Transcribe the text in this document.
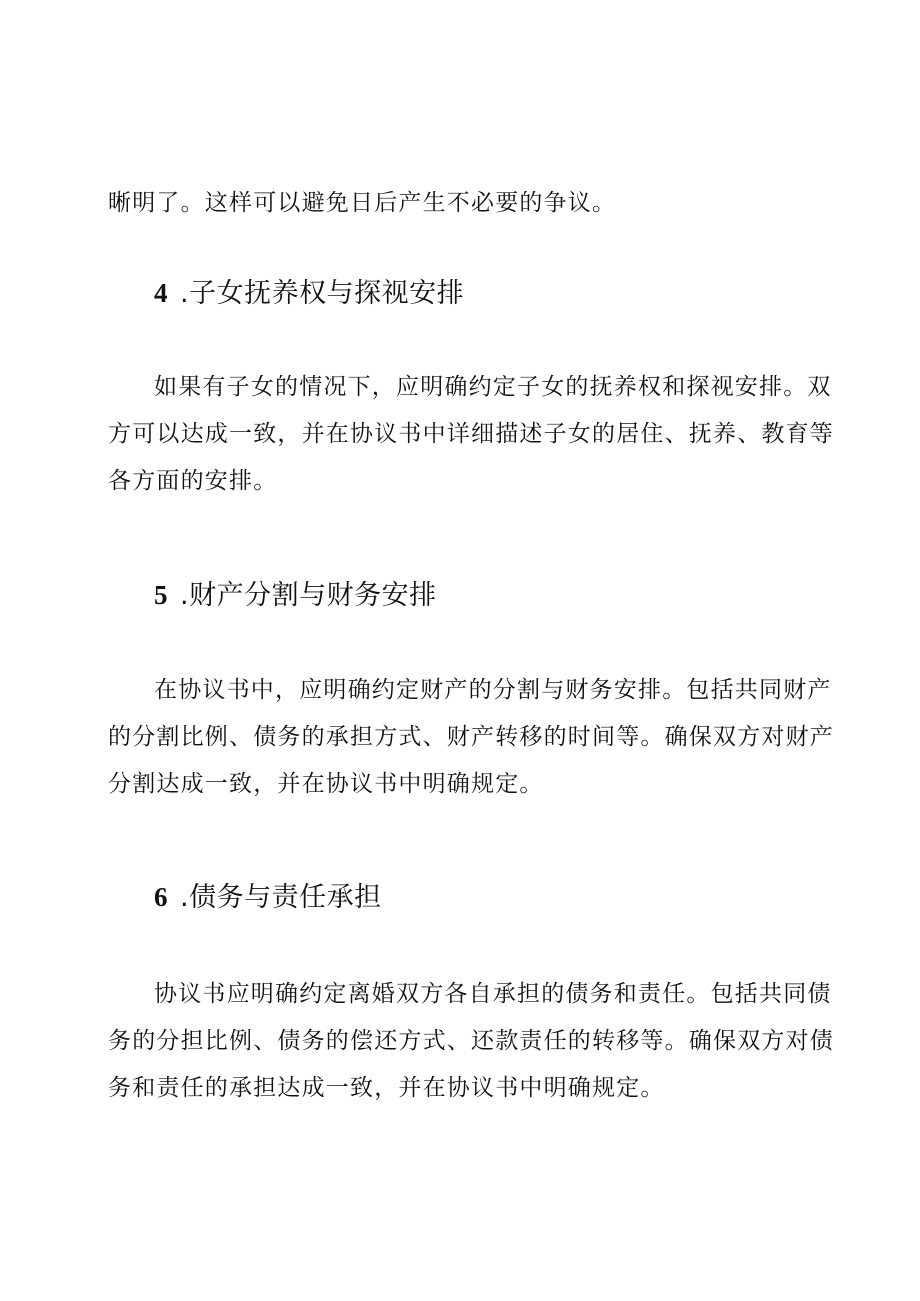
晰明了。这样可以避免日后产生不必要的争议。
4 .子女抚养权与探视安排
如果有子女的情况下，应明确约定子女的抚养权和探视安排。双
方可以达成一致，并在协议书中详细描述子女的居住、抚养、教育等
各方面的安排。
5 .财产分割与财务安排
在协议书中，应明确约定财产的分割与财务安排。包括共同财产
的分割比例、债务的承担方式、财产转移的时间等。确保双方对财产
分割达成一致，并在协议书中明确规定。
6 .债务与责任承担
协议书应明确约定离婚双方各自承担的债务和责任。包括共同债
务的分担比例、债务的偿还方式、还款责任的转移等。确保双方对债
务和责任的承担达成一致，并在协议书中明确规定。
